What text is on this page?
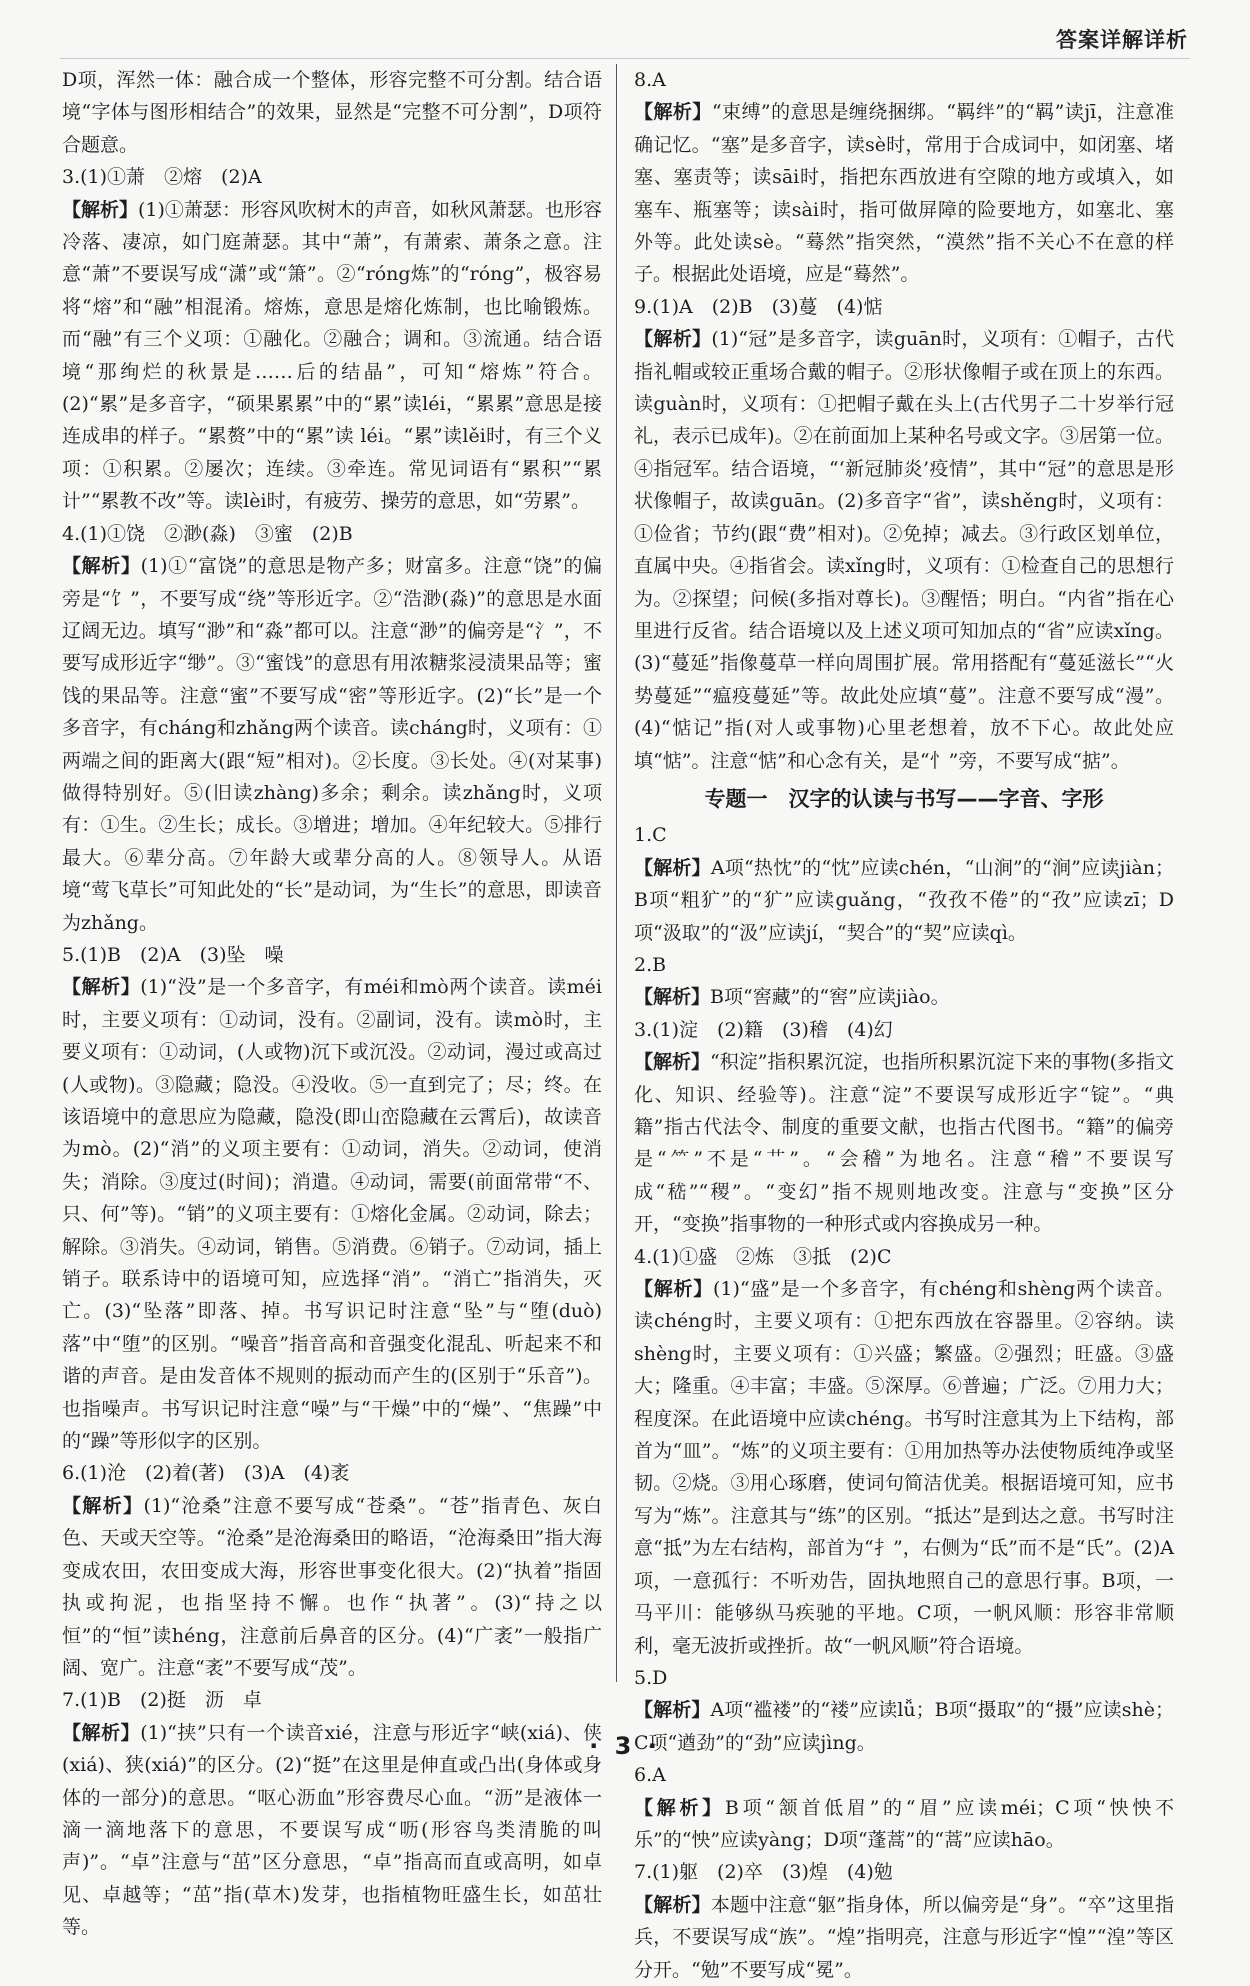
答案详解详析

D项，浑然一体：融合成一个整体，形容完整不可分割。结合语境“字体与图形相结合”的效果，显然是“完整不可分割”，D项符合题意。

3.(1)①萧　②熔　(2)A

【解析】(1)①萧瑟：形容风吹树木的声音，如秋风萧瑟。也形容冷落、凄凉，如门庭萧瑟。其中“萧”，有萧索、萧条之意。注意“萧”不要误写成“潇”或“箫”。②“róng炼”的“róng”，极容易将“熔”和“融”相混淆。熔炼，意思是熔化炼制，也比喻锻炼。而“融”有三个义项：①融化。②融合；调和。③流通。结合语境“那绚烂的秋景是……后的结晶”，可知“熔炼”符合。(2)“累”是多音字，“硕果累累”中的“累”读léi，“累累”意思是接连成串的样子。“累赘”中的“累”读 léi。“累”读lěi时，有三个义项：①积累。②屡次；连续。③牵连。常见词语有“累积”“累计”“累教不改”等。读lèi时，有疲劳、操劳的意思，如“劳累”。

4.(1)①饶　②渺(淼)　③蜜　(2)B

【解析】(1)①“富饶”的意思是物产多；财富多。注意“饶”的偏旁是“饣”，不要写成“绕”等形近字。②“浩渺(淼)”的意思是水面辽阔无边。填写“渺”和“淼”都可以。注意“渺”的偏旁是“氵”，不要写成形近字“缈”。③“蜜饯”的意思有用浓糖浆浸渍果品等；蜜饯的果品等。注意“蜜”不要写成“密”等形近字。(2)“长”是一个多音字，有cháng和zhǎng两个读音。读cháng时，义项有：①两端之间的距离大(跟“短”相对)。②长度。③长处。④(对某事)做得特别好。⑤(旧读zhàng)多余；剩余。读zhǎng时，义项有：①生。②生长；成长。③增进；增加。④年纪较大。⑤排行最大。⑥辈分高。⑦年龄大或辈分高的人。⑧领导人。从语境“莺飞草长”可知此处的“长”是动词，为“生长”的意思，即读音为zhǎng。

5.(1)B　(2)A　(3)坠　噪

【解析】(1)“没”是一个多音字，有méi和mò两个读音。读méi时，主要义项有：①动词，没有。②副词，没有。读mò时，主要义项有：①动词，(人或物)沉下或沉没。②动词，漫过或高过(人或物)。③隐藏；隐没。④没收。⑤一直到完了；尽；终。在该语境中的意思应为隐藏，隐没(即山峦隐藏在云霄后)，故读音为mò。(2)“消”的义项主要有：①动词，消失。②动词，使消失；消除。③度过(时间)；消遣。④动词，需要(前面常带“不、只、何”等)。“销”的义项主要有：①熔化金属。②动词，除去；解除。③消失。④动词，销售。⑤消费。⑥销子。⑦动词，插上销子。联系诗中的语境可知，应选择“消”。“消亡”指消失，灭亡。(3)“坠落”即落、掉。书写识记时注意“坠”与“堕(duò)落”中“堕”的区别。“噪音”指音高和音强变化混乱、听起来不和谐的声音。是由发音体不规则的振动而产生的(区别于“乐音”)。也指噪声。书写识记时注意“噪”与“干燥”中的“燥”、“焦躁”中的“躁”等形似字的区别。

6.(1)沧　(2)着(著)　(3)A　(4)袤

【解析】(1)“沧桑”注意不要写成“苍桑”。“苍”指青色、灰白色、天或天空等。“沧桑”是沧海桑田的略语，“沧海桑田”指大海变成农田，农田变成大海，形容世事变化很大。(2)“执着”指固执或拘泥，也指坚持不懈。也作“执著”。(3)“持之以恒”的“恒”读héng，注意前后鼻音的区分。(4)“广袤”一般指广阔、宽广。注意“袤”不要写成“茂”。

7.(1)B　(2)挺　沥　卓

【解析】(1)“挟”只有一个读音xié，注意与形近字“峡(xiá)、侠(xiá)、狭(xiá)”的区分。(2)“挺”在这里是伸直或凸出(身体或身体的一部分)的意思。“呕心沥血”形容费尽心血。“沥”是液体一滴一滴地落下的意思，不要误写成“呖(形容鸟类清脆的叫声)”。“卓”注意与“茁”区分意思，“卓”指高而直或高明，如卓见、卓越等；“茁”指(草木)发芽，也指植物旺盛生长，如茁壮等。

8.A

【解析】“束缚”的意思是缠绕捆绑。“羁绊”的“羁”读jī，注意准确记忆。“塞”是多音字，读sè时，常用于合成词中，如闭塞、堵塞、塞责等；读sāi时，指把东西放进有空隙的地方或填入，如塞车、瓶塞等；读sài时，指可做屏障的险要地方，如塞北、塞外等。此处读sè。“蓦然”指突然，“漠然”指不关心不在意的样子。根据此处语境，应是“蓦然”。

9.(1)A　(2)B　(3)蔓　(4)惦

【解析】(1)“冠”是多音字，读guān时，义项有：①帽子，古代指礼帽或较正重场合戴的帽子。②形状像帽子或在顶上的东西。读guàn时，义项有：①把帽子戴在头上(古代男子二十岁举行冠礼，表示已成年)。②在前面加上某种名号或文字。③居第一位。④指冠军。结合语境，“‘新冠肺炎’疫情”，其中“冠”的意思是形状像帽子，故读guān。(2)多音字“省”，读shěng时，义项有：①俭省；节约(跟“费”相对)。②免掉；减去。③行政区划单位，直属中央。④指省会。读xǐng时，义项有：①检查自己的思想行为。②探望；问候(多指对尊长)。③醒悟；明白。“内省”指在心里进行反省。结合语境以及上述义项可知加点的“省”应读xǐng。(3)“蔓延”指像蔓草一样向周围扩展。常用搭配有“蔓延滋长”“火势蔓延”“瘟疫蔓延”等。故此处应填“蔓”。注意不要写成“漫”。(4)“惦记”指(对人或事物)心里老想着，放不下心。故此处应填“惦”。注意“惦”和心念有关，是“忄”旁，不要写成“掂”。

专题一　汉字的认读与书写——字音、字形

1.C

【解析】A项“热忱”的“忱”应读chén，“山涧”的“涧”应读jiàn；B项“粗犷”的“犷”应读guǎng，“孜孜不倦”的“孜”应读zī；D项“汲取”的“汲”应读jí，“契合”的“契”应读qì。

2.B

【解析】B项“窖藏”的“窖”应读jiào。

3.(1)淀　(2)籍　(3)稽　(4)幻

【解析】“积淀”指积累沉淀，也指所积累沉淀下来的事物(多指文化、知识、经验等)。注意“淀”不要误写成形近字“锭”。“典籍”指古代法令、制度的重要文献，也指古代图书。“籍”的偏旁是“⺮”不是“艹”。“会稽”为地名。注意“稽”不要误写成“嵇”“稷”。“变幻”指不规则地改变。注意与“变换”区分开，“变换”指事物的一种形式或内容换成另一种。

4.(1)①盛　②炼　③抵　(2)C

【解析】(1)“盛”是一个多音字，有chéng和shèng两个读音。读chéng时，主要义项有：①把东西放在容器里。②容纳。读shèng时，主要义项有：①兴盛；繁盛。②强烈；旺盛。③盛大；隆重。④丰富；丰盛。⑤深厚。⑥普遍；广泛。⑦用力大；程度深。在此语境中应读chéng。书写时注意其为上下结构，部首为“皿”。“炼”的义项主要有：①用加热等办法使物质纯净或坚韧。②烧。③用心琢磨，使词句简洁优美。根据语境可知，应书写为“炼”。注意其与“练”的区别。“抵达”是到达之意。书写时注意“抵”为左右结构，部首为“扌”，右侧为“氐”而不是“氏”。(2)A项，一意孤行：不听劝告，固执地照自己的意思行事。B项，一马平川：能够纵马疾驰的平地。C项，一帆风顺：形容非常顺利，毫无波折或挫折。故“一帆风顺”符合语境。

5.D

【解析】A项“褴褛”的“褛”应读lǚ；B项“摄取”的“摄”应读shè；C项“遒劲”的“劲”应读jìng。

6.A

【解析】B项“颔首低眉”的“眉”应读méi；C项“怏怏不乐”的“怏”应读yàng；D项“蓬蒿”的“蒿”应读hāo。

7.(1)躯　(2)卒　(3)煌　(4)勉

【解析】本题中注意“躯”指身体，所以偏旁是“身”。“卒”这里指兵，不要误写成“族”。“煌”指明亮，注意与形近字“惶”“湟”等区分开。“勉”不要写成“冕”。

· 3 ·
